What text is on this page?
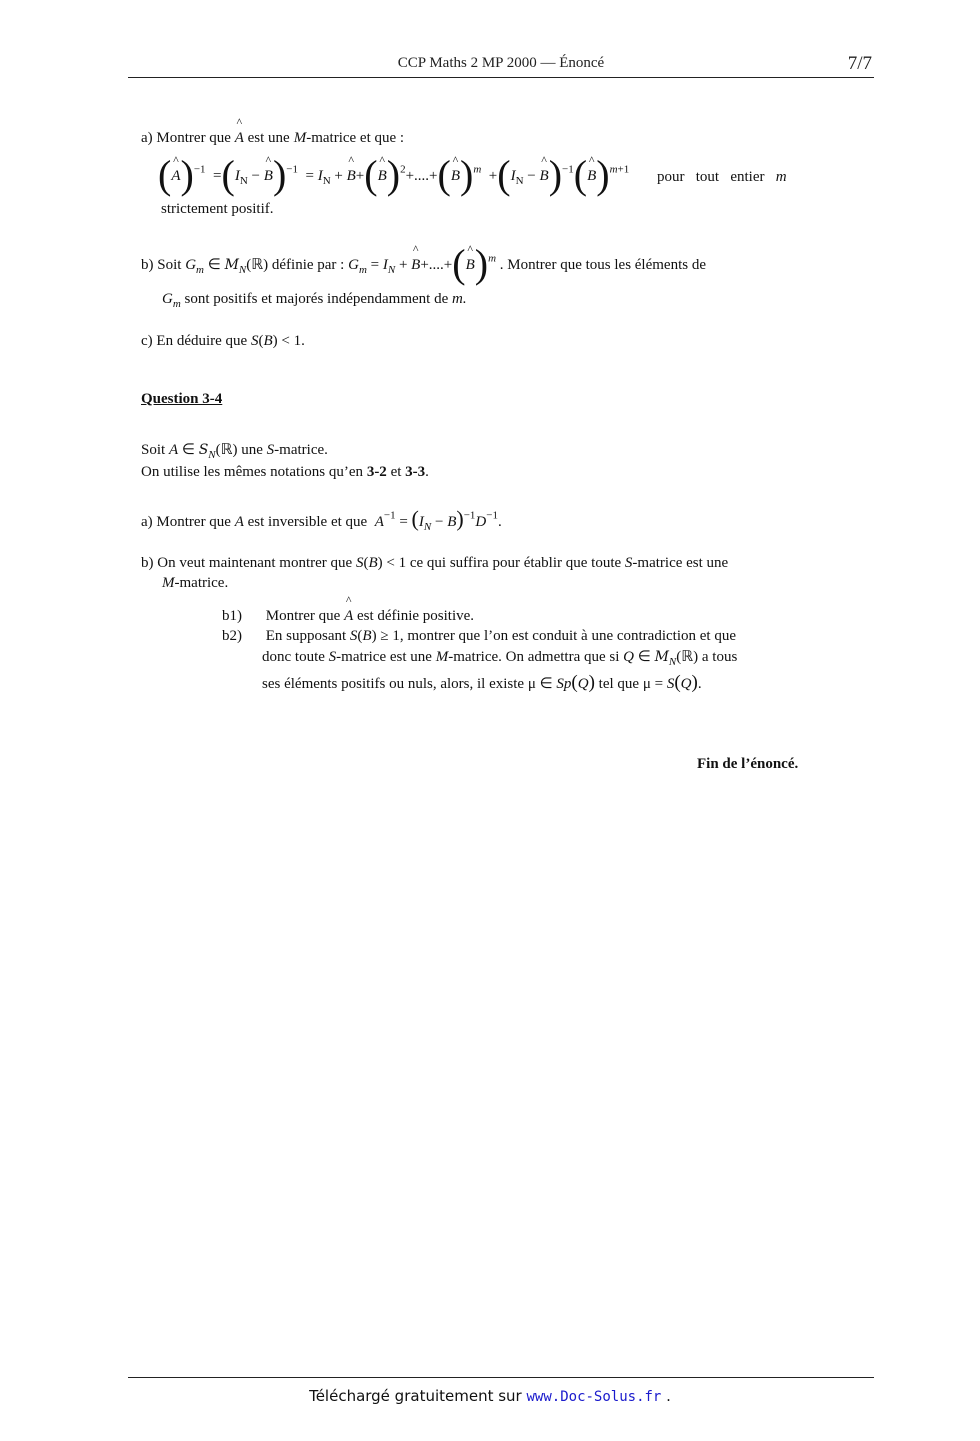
CCP Maths 2 MP 2000 — Énoncé	7/7
a) Montrer que ^ A est une M-matrice et que :
(^ $A)^{-1} =(I_N$ − ^ $B)^{-1} = I_N$ + ^ B+(^ B)$^2$+....+(^ $B)^m +(I_N$ − ^ B)$^{-1}$(^ B)$^{m+1}$ pour   tout   entier m
strictement positif.
b) Soit $G_m$ ∈ $M_N(ℝ)$ définie par : $G_m = I_N$ + ^ B+....+(^ B)$^m$ . Montrer que tous les éléments de
$G_m$ sont positifs et majorés indépendamment de m.
c) En déduire que S(B) < 1.
Question 3-4
Soit A ∈ $S_N(ℝ)$ une S-matrice.
On utilise les mêmes notations qu’en 3-2 et 3-3.
a) Montrer que A est inversible et que $A^{-1} = (I_N - B)^{-1}D^{-1}$.
b) On veut maintenant montrer que S(B) < 1 ce qui suffira pour établir que toute S-matrice est une
M-matrice.
b1) Montrer que ^ A est définie positive.
b2) En supposant S(B) ≥ 1, montrer que l’on est conduit à une contradiction et que
donc toute S-matrice est une M-matrice. On admettra que si Q ∈ $M_N(ℝ)$ a tous
ses éléments positifs ou nuls, alors, il existe μ ∈ Sp(Q) tel que μ = S(Q).
Fin de l’énoncé.
Téléchargé gratuitement sur www.Doc-Solus.fr .
